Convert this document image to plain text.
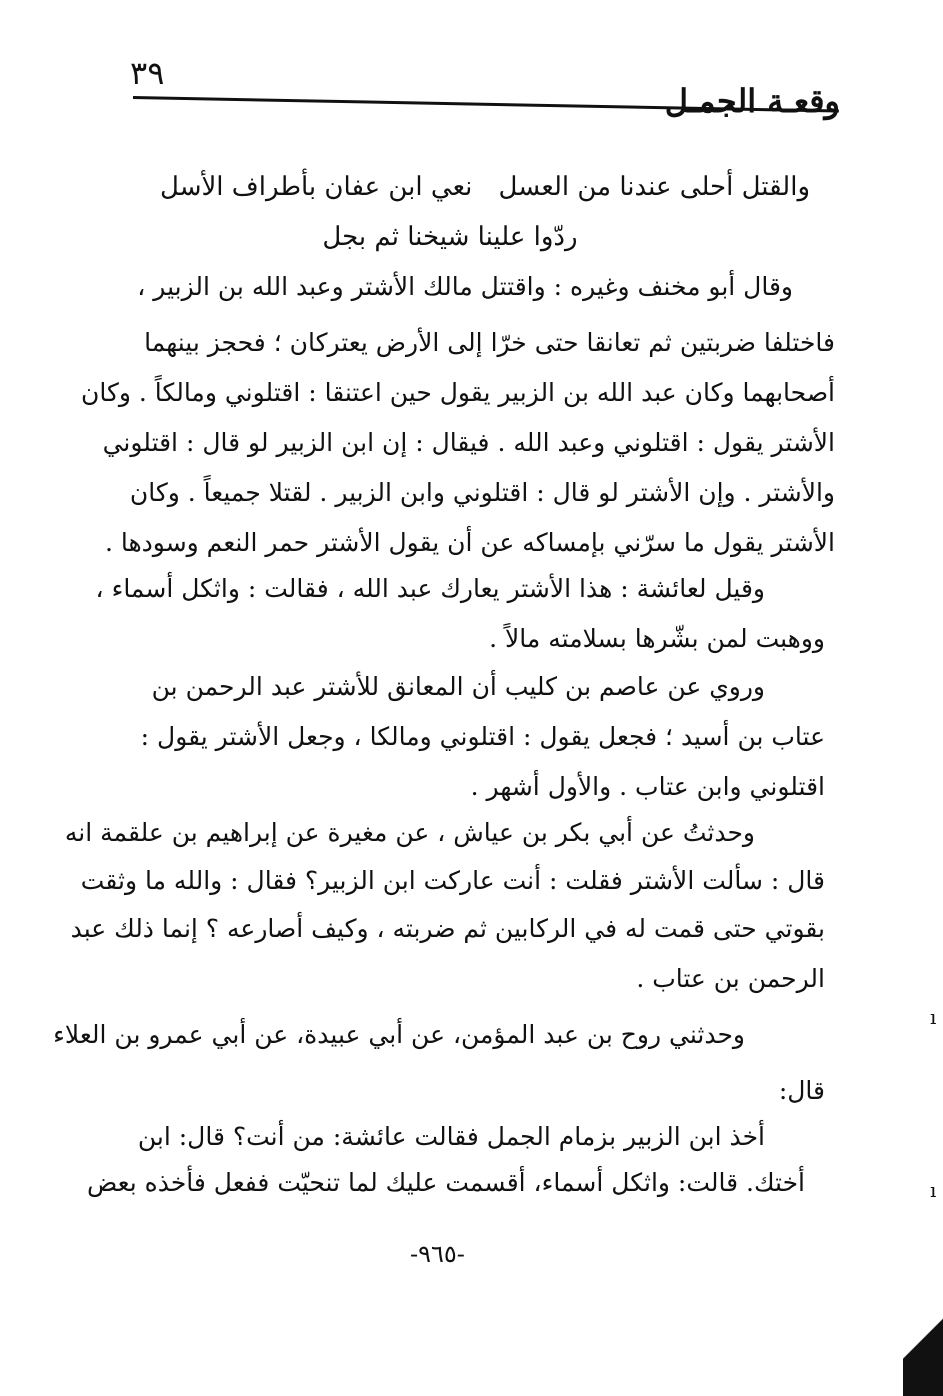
٣٩
وقعـة الجمـل
والقتل أحلى عندنا من العسل
نعي ابن عفان بأطراف الأسل
ردّوا علينا شيخنا ثم بجل
وقال أبو مخنف وغيره : واقتتل مالك الأشتر وعبد الله بن الزبير ،
فاختلفا ضربتين ثم تعانقا حتى خرّا إلى الأرض يعتركان ؛ فحجز بينهما
أصحابهما وكان عبد الله بن الزبير يقول حين اعتنقا : اقتلوني ومالكاً . وكان
الأشتر يقول : اقتلوني وعبد الله . فيقال : إن ابن الزبير لو قال : اقتلوني
والأشتر . وإن الأشتر لو قال : اقتلوني وابن الزبير . لقتلا جميعاً . وكان
الأشتر يقول ما سرّني بإمساكه عن أن يقول الأشتر حمر النعم وسودها .
وقيل لعائشة : هذا الأشتر يعارك عبد الله ، فقالت : واثكل أسماء ،
ووهبت لمن بشّرها بسلامته مالاً .
وروي عن عاصم بن كليب أن المعانق للأشتر عبد الرحمن بن
عتاب بن أسيد ؛ فجعل يقول : اقتلوني ومالكا ، وجعل الأشتر يقول :
اقتلوني وابن عتاب . والأول أشهر .
وحدثتُ عن أبي بكر بن عياش ، عن مغيرة عن إبراهيم بن علقمة انه
قال : سألت الأشتر فقلت : أنت عاركت ابن الزبير؟ فقال : والله ما وثقت
بقوتي حتى قمت له في الركابين ثم ضربته ، وكيف أصارعه ؟ إنما ذلك عبد
الرحمن بن عتاب .
وحدثني روح بن عبد المؤمن، عن أبي عبيدة، عن أبي عمرو بن العلاء
قال:
أخذ ابن الزبير بزمام الجمل فقالت عائشة: من أنت؟ قال: ابن
أختك. قالت: واثكل أسماء، أقسمت عليك لما تنحيّت ففعل فأخذه بعض
-٩٦٥-
ı
ı
